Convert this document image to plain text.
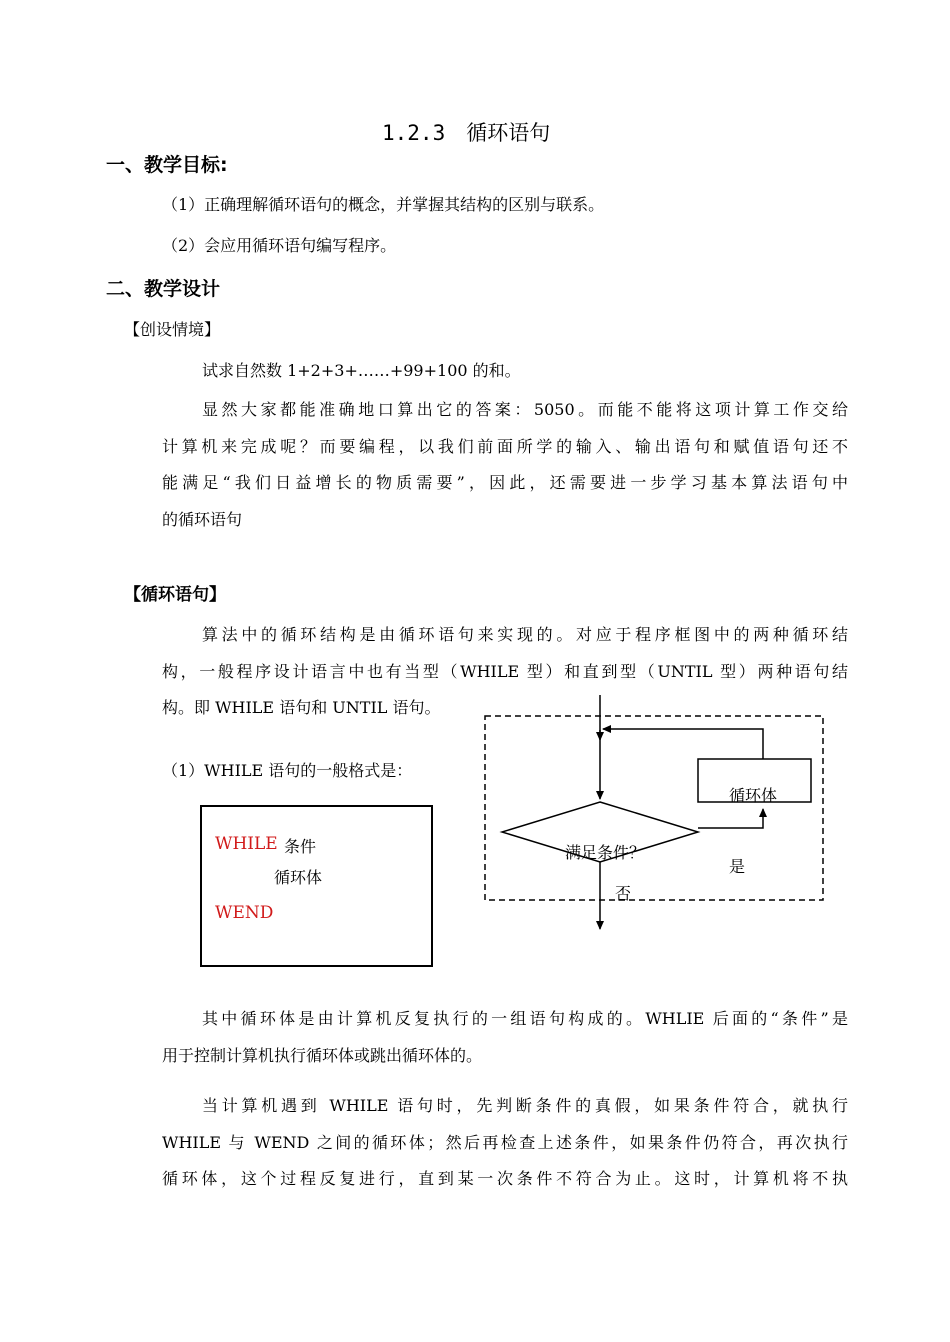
1.2.3　循环语句
一、教学目标:
（1）正确理解循环语句的概念，并掌握其结构的区别与联系。
（2）会应用循环语句编写程序。
二、教学设计
【创设情境】
试求自然数 1+2+3+……+99+100 的和。
显然大家都能准确地口算出它的答案：5050。而能不能将这项计算工作交给
计算机来完成呢？而要编程，以我们前面所学的输入、输出语句和赋值语句还不
能满足“我们日益增长的物质需要”，因此，还需要进一步学习基本算法语句中
的循环语句
【循环语句】
算法中的循环结构是由循环语句来实现的。对应于程序框图中的两种循环结
构，一般程序设计语言中也有当型（WHILE 型）和直到型（UNTIL 型）两种语句结
构。即 WHILE 语句和 UNTIL 语句。
（1）WHILE 语句的一般格式是：
WHILE 条件
循环体
WEND
循环体
满足条件？
是
否
其中循环体是由计算机反复执行的一组语句构成的。WHLIE 后面的“条件”是
用于控制计算机执行循环体或跳出循环体的。
当计算机遇到 WHILE 语句时，先判断条件的真假，如果条件符合，就执行
WHILE 与 WEND 之间的循环体；然后再检查上述条件，如果条件仍符合，再次执行
循环体，这个过程反复进行，直到某一次条件不符合为止。这时，计算机将不执
